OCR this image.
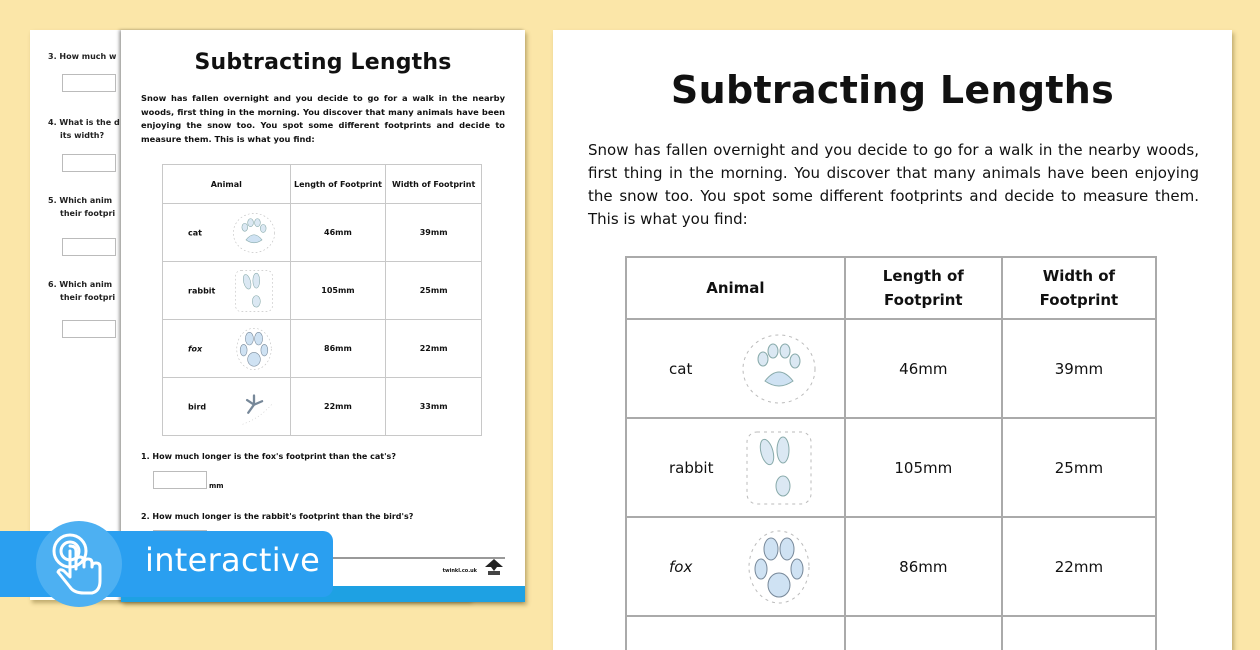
3. How much w
4. What is the d
its width?
5. Which anim
their footpri
6. Which anim
their footpri
Subtracting Lengths
Snow has fallen overnight and you decide to go for a walk in the nearby woods, first thing in the morning. You discover that many animals have been enjoying the snow too. You spot some different footprints and decide to measure them. This is what you find:
Animal	Length of Footprint	Width of Footprint

cat	46mm	39mm

rabbit	105mm	25mm

fox	86mm	22mm

bird	22mm	33mm
1. How much longer is the fox's footprint than the cat's?
mm
2. How much longer is the rabbit's footprint than the bird's?
twinkl.co.uk
Subtracting Lengths
Snow has fallen overnight and you decide to go for a walk in the nearby woods, first thing in the morning. You discover that many animals have been enjoying the snow too. You spot some different footprints and decide to measure them. This is what you find:
Animal	Length of Footprint	Width of Footprint

cat	46mm	39mm

rabbit	105mm	25mm

fox	86mm	22mm

interactive
